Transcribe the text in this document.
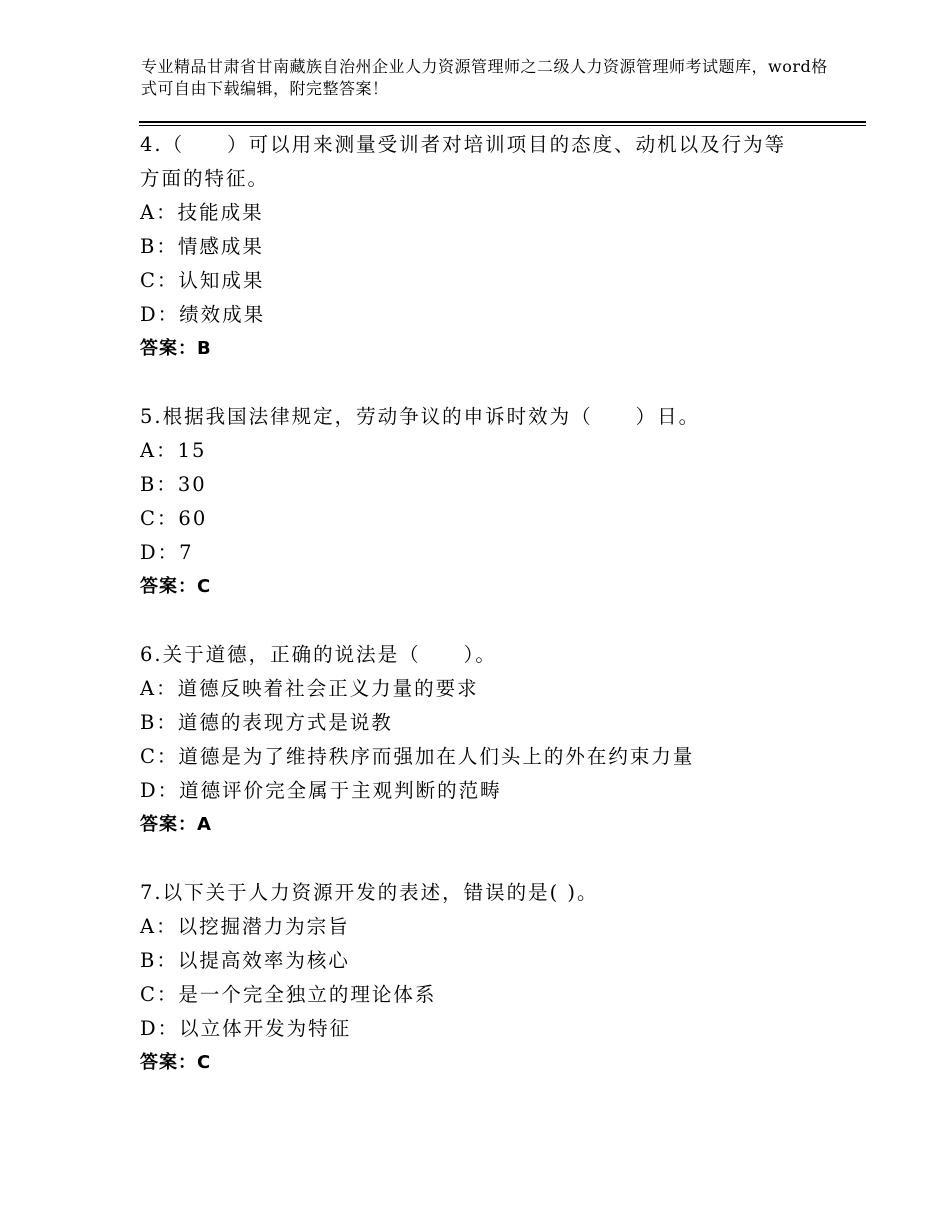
专业精品甘肃省甘南藏族自治州企业人力资源管理师之二级人力资源管理师考试题库，word格式可自由下载编辑，附完整答案！
4.（　　）可以用来测量受训者对培训项目的态度、动机以及行为等方面的特征。
A：技能成果
B：情感成果
C：认知成果
D：绩效成果
答案：B
5.根据我国法律规定，劳动争议的申诉时效为（　　）日。
A：15
B：30
C：60
D：7
答案：C
6.关于道德，正确的说法是（　　）。
A：道德反映着社会正义力量的要求
B：道德的表现方式是说教
C：道德是为了维持秩序而强加在人们头上的外在约束力量
D：道德评价完全属于主观判断的范畴
答案：A
7.以下关于人力资源开发的表述，错误的是( )。
A：以挖掘潜力为宗旨
B：以提高效率为核心
C：是一个完全独立的理论体系
D：以立体开发为特征
答案：C
